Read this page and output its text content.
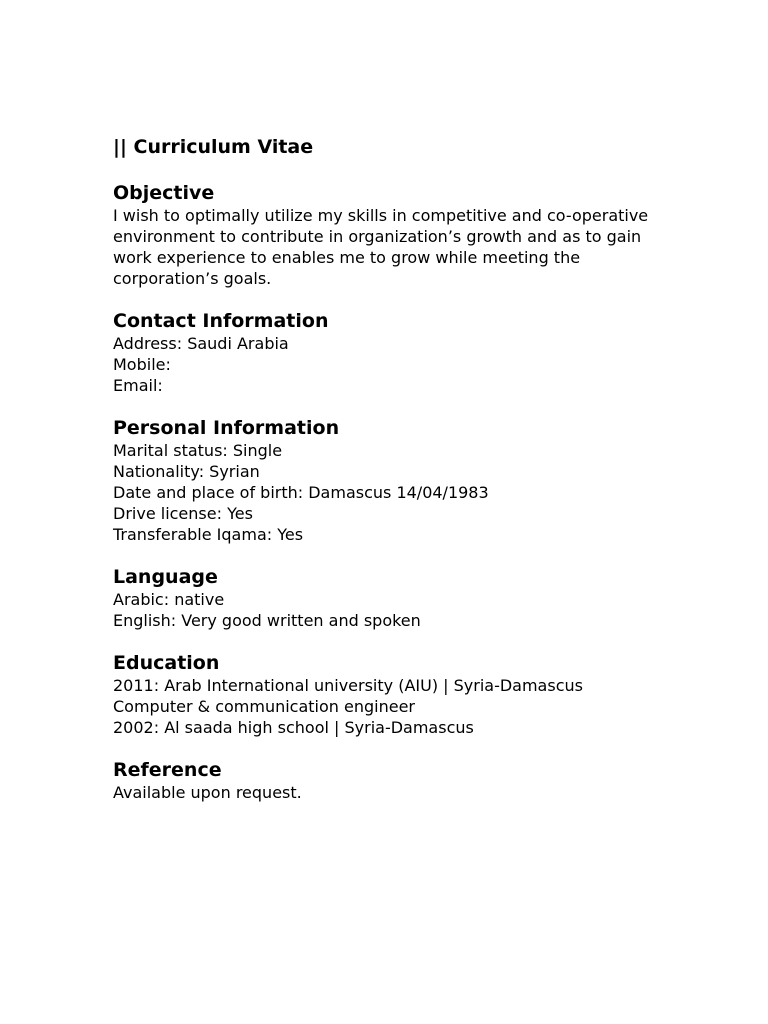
|| Curriculum Vitae
Objective
I wish to optimally utilize my skills in competitive and co-operative environment to contribute in organization’s growth and as to gain work experience to enables me to grow while meeting the corporation’s goals.
Contact Information
Address: Saudi Arabia
Mobile:
Email:
Personal Information
Marital status: Single
Nationality: Syrian
Date and place of birth: Damascus 14/04/1983
Drive license: Yes
Transferable Iqama: Yes
Language
Arabic: native
English: Very good written and spoken
Education
2011: Arab International university (AIU) | Syria-Damascus
Computer & communication engineer
2002: Al saada high school | Syria-Damascus
Reference
Available upon request.
